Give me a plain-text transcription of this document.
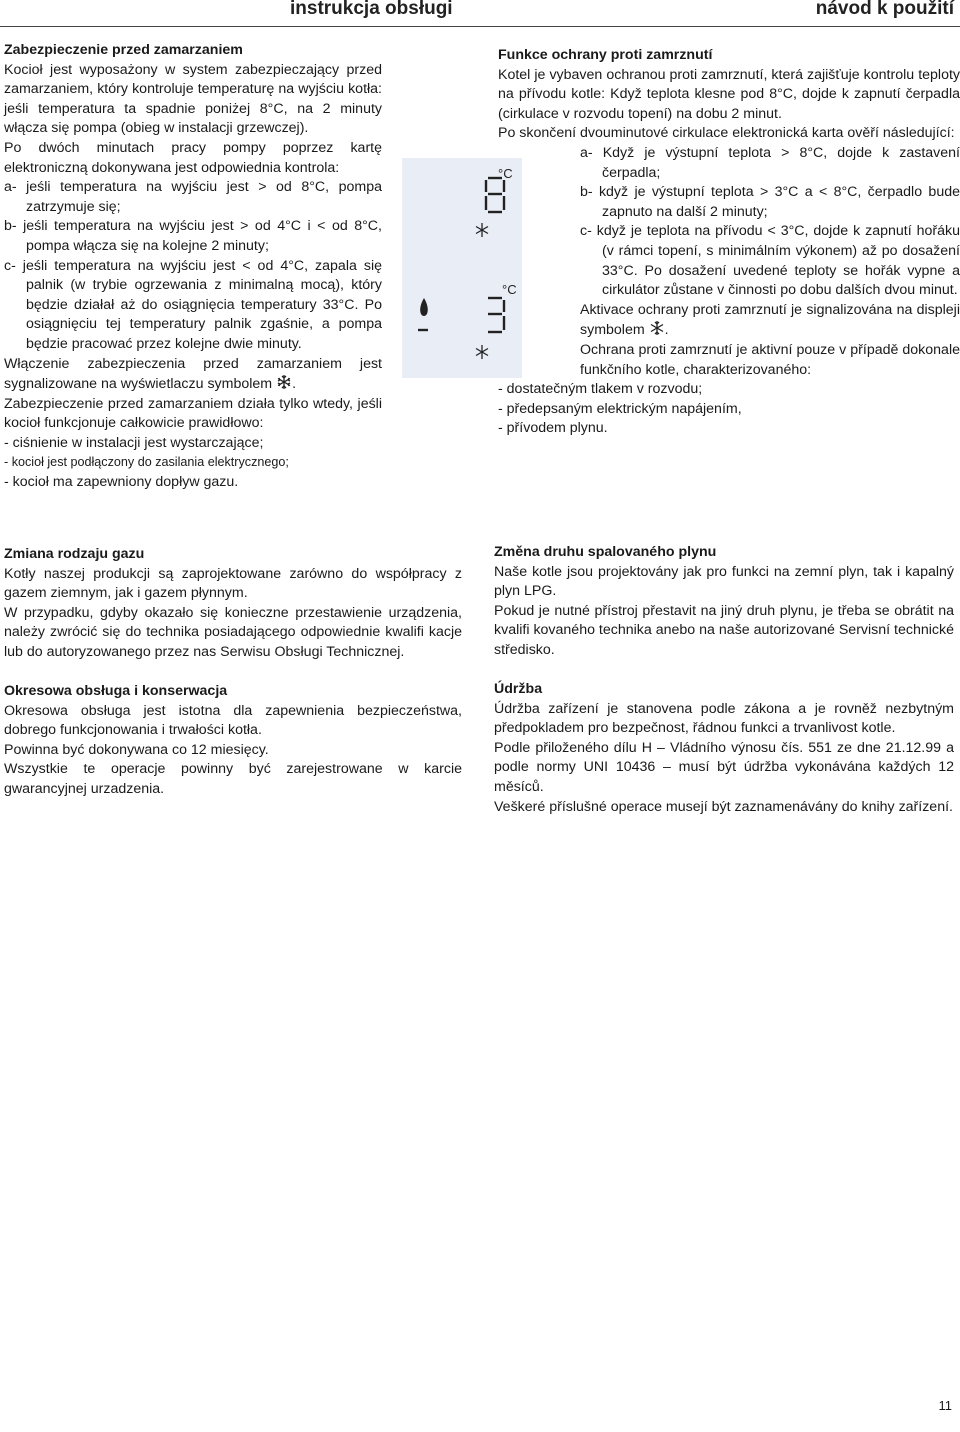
instrukcja obsługi	návod k použití

Zabezpieczenie przed zamarzaniem

Kocioł jest wyposażony w system zabezpieczający przed zamarzaniem, który kontroluje temperaturę na wyjściu kotła: jeśli temperatura ta spadnie poniżej 8°C, na 2 minuty włącza się pompa (obieg w instalacji grzewczej).

Po dwóch minutach pracy pompy poprzez kartę elektroniczną dokonywana jest odpowiednia kontrola:

a- jeśli temperatura na wyjściu jest > od 8°C, pompa zatrzymuje się;

b- jeśli temperatura na wyjściu jest > od 4°C i < od 8°C, pompa włącza się na kolejne 2 minuty;

c- jeśli temperatura na wyjściu jest < od 4°C, zapala się palnik (w trybie ogrzewania z minimalną mocą), który będzie działał aż do osiągnięcia temperatury 33°C. Po osiągnięciu tej temperatury palnik zgaśnie, a pompa będzie pracować przez kolejne dwie minuty.

Włączenie zabezpieczenia przed zamarzaniem jest sygnalizowane na wyświetlaczu symbolem .

Zabezpieczenie przed zamarzaniem działa tylko wtedy, jeśli kocioł funkcjonuje całkowicie prawidłowo:

- ciśnienie w instalacji jest wystarczające;

- kocioł jest podłączony do zasilania elektrycznego;

- kocioł ma zapewniony dopływ gazu.

°C
°C

Funkce ochrany proti zamrznutí

Kotel je vybaven ochranou proti zamrznutí, která zajišťuje kontrolu teploty na přívodu kotle: Když teplota klesne pod 8°C, dojde k zapnutí čerpadla (cirkulace v rozvodu topení) na dobu 2 minut.

Po skončení dvouminutové cirkulace elektronická karta ověří následující:

a- Když je výstupní teplota > 8°C, dojde k zastavení čerpadla;

b- když je výstupní teplota > 3°C a < 8°C, čerpadlo bude zapnuto na další 2 minuty;

c- když je teplota na přívodu < 3°C, dojde k zapnutí hořáku (v rámci topení, s minimálním výkonem) až po dosažení 33°C. Po dosažení uvedené teploty se hořák vypne a cirkulátor zůstane v činnosti po dobu dalších dvou minut.

Aktivace ochrany proti zamrznutí je signalizována na displeji symbolem .

Ochrana proti zamrznutí je aktivní pouze v případě dokonale funkčního kotle, charakterizovaného:

- dostatečným tlakem v rozvodu;

- předepsaným elektrickým napájením,

- přívodem plynu.

Zmiana rodzaju gazu

Kotły naszej produkcji są zaprojektowane zarówno do współpracy z gazem ziemnym, jak i gazem płynnym.

W przypadku, gdyby okazało się konieczne przestawienie urządzenia, należy zwrócić się do technika posiadającego odpowiednie kwalifi kacje lub do autoryzowanego przez nas Serwisu Obsługi Technicznej.

Změna druhu spalovaného plynu

Naše kotle jsou projektovány jak pro funkci na zemní plyn, tak i kapalný plyn LPG.

Pokud je nutné přístroj přestavit na jiný druh plynu, je třeba se obrátit na kvalifi kovaného technika anebo na naše autorizované Servisní technické středisko.

Okresowa obsługa i konserwacja

Okresowa obsługa jest istotna dla zapewnienia bezpieczeństwa, dobrego funkcjonowania i trwałości kotła.

Powinna być dokonywana co 12 miesięcy.

Wszystkie te operacje powinny być zarejestrowane w karcie gwarancyjnej urzadzenia.

Údržba

Údržba zařízení je stanovena podle zákona a je rovněž nezbytným předpokladem pro bezpečnost, řádnou funkci a trvanlivost kotle.

Podle přiloženého dílu H – Vládního výnosu čís. 551 ze dne 21.12.99 a podle normy UNI 10436 – musí být údržba vykonávána každých 12 měsíců.

Veškeré příslušné operace musejí být zaznamenávány do knihy zařízení.

11
